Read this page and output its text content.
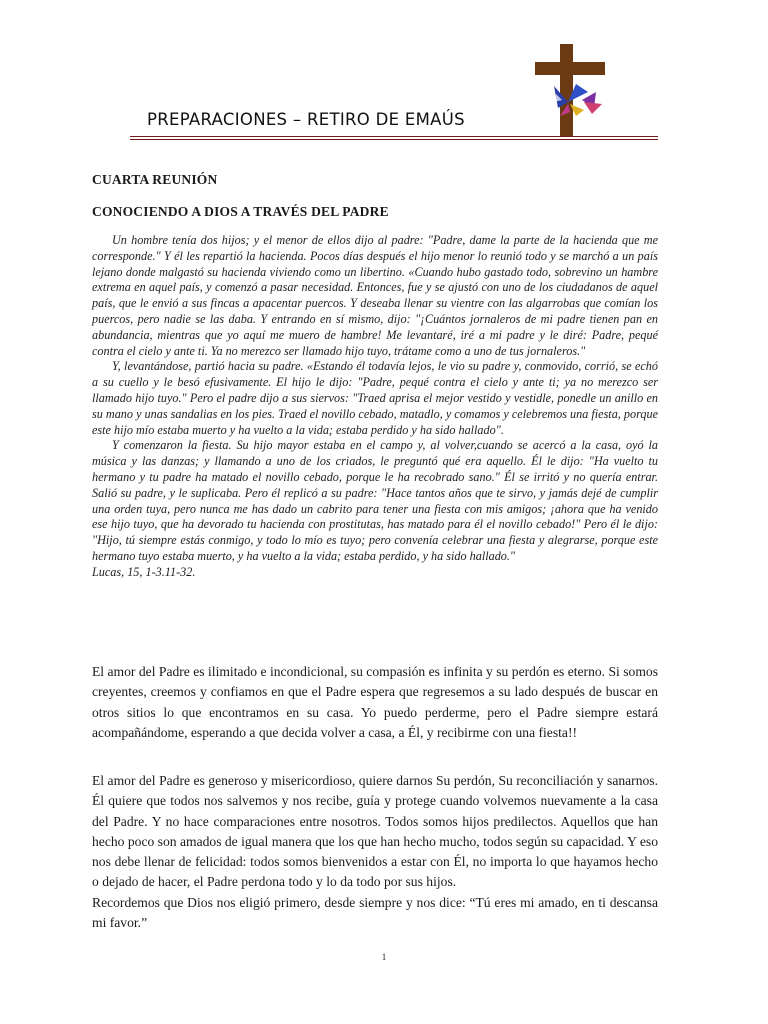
PREPARACIONES – RETIRO DE EMAÚS
CUARTA REUNIÓN
CONOCIENDO A DIOS A TRAVÉS DEL PADRE

Un hombre tenía dos hijos; y el menor de ellos dijo al padre: "Padre, dame la parte de la hacienda que me corresponde." Y él les repartió la hacienda. Pocos días después el hijo menor lo reunió todo y se marchó a un país lejano donde malgastó su hacienda viviendo como un libertino. «Cuando hubo gastado todo, sobrevino un hambre extrema en aquel país, y comenzó a pasar necesidad. Entonces, fue y se ajustó con uno de los ciudadanos de aquel país, que le envió a sus fincas a apacentar puercos. Y deseaba llenar su vientre con las algarrobas que comían los puercos, pero nadie se las daba. Y entrando en sí mismo, dijo: "¡Cuántos jornaleros de mi padre tienen pan en abundancia, mientras que yo aquí me muero de hambre! Me levantaré, iré a mi padre y le diré: Padre, pequé contra el cielo y ante ti. Ya no merezco ser llamado hijo tuyo, trátame como a uno de tus jornaleros."

Y, levantándose, partió hacia su padre. «Estando él todavía lejos, le vio su padre y, conmovido, corrió, se echó a su cuello y le besó efusivamente. El hijo le dijo: "Padre, pequé contra el cielo y ante ti; ya no merezco ser llamado hijo tuyo." Pero el padre dijo a sus siervos: "Traed aprisa el mejor vestido y vestidle, ponedle un anillo en su mano y unas sandalias en los pies. Traed el novillo cebado, matadlo, y comamos y celebremos una fiesta, porque este hijo mío estaba muerto y ha vuelto a la vida; estaba perdido y ha sido hallado".

Y comenzaron la fiesta. Su hijo mayor estaba en el campo y, al volver,cuando se acercó a la casa, oyó la música y las danzas; y llamando a uno de los criados, le preguntó qué era aquello. Él le dijo: "Ha vuelto tu hermano y tu padre ha matado el novillo cebado, porque le ha recobrado sano." Él se irritó y no quería entrar. Salió su padre, y le suplicaba. Pero él replicó a su padre: "Hace tantos años que te sirvo, y jamás dejé de cumplir una orden tuya, pero nunca me has dado un cabrito para tener una fiesta con mis amigos; ¡ahora que ha venido ese hijo tuyo, que ha devorado tu hacienda con prostitutas, has matado para él el novillo cebado!" Pero él le dijo: "Hijo, tú siempre estás conmigo, y todo lo mío es tuyo; pero convenía celebrar una fiesta y alegrarse, porque este hermano tuyo estaba muerto, y ha vuelto a la vida; estaba perdido, y ha sido hallado."

Lucas, 15, 1-3.11-32.

El amor del Padre es ilimitado e incondicional, su compasión es infinita y su perdón es eterno. Si somos creyentes, creemos y confiamos en que el Padre espera que regresemos a su lado después de buscar en otros sitios lo que encontramos en su casa. Yo puedo perderme, pero el Padre siempre estará acompañándome, esperando a que decida volver a casa, a Él, y recibirme con una fiesta!!

El amor del Padre es generoso y misericordioso, quiere darnos Su perdón, Su reconciliación y sanarnos. Él quiere que todos nos salvemos y nos recibe, guía y protege cuando volvemos nuevamente a la casa del Padre. Y no hace comparaciones entre nosotros. Todos somos hijos predilectos. Aquellos que han hecho poco son amados de igual manera que los que han hecho mucho, todos según su capacidad. Y eso nos debe llenar de felicidad: todos somos bienvenidos a estar con Él, no importa lo que hayamos hecho o dejado de hacer, el Padre perdona todo y lo da todo por sus hijos.

Recordemos que Dios nos eligió primero, desde siempre y nos dice: “Tú eres mi amado, en ti descansa mi favor.”

1
